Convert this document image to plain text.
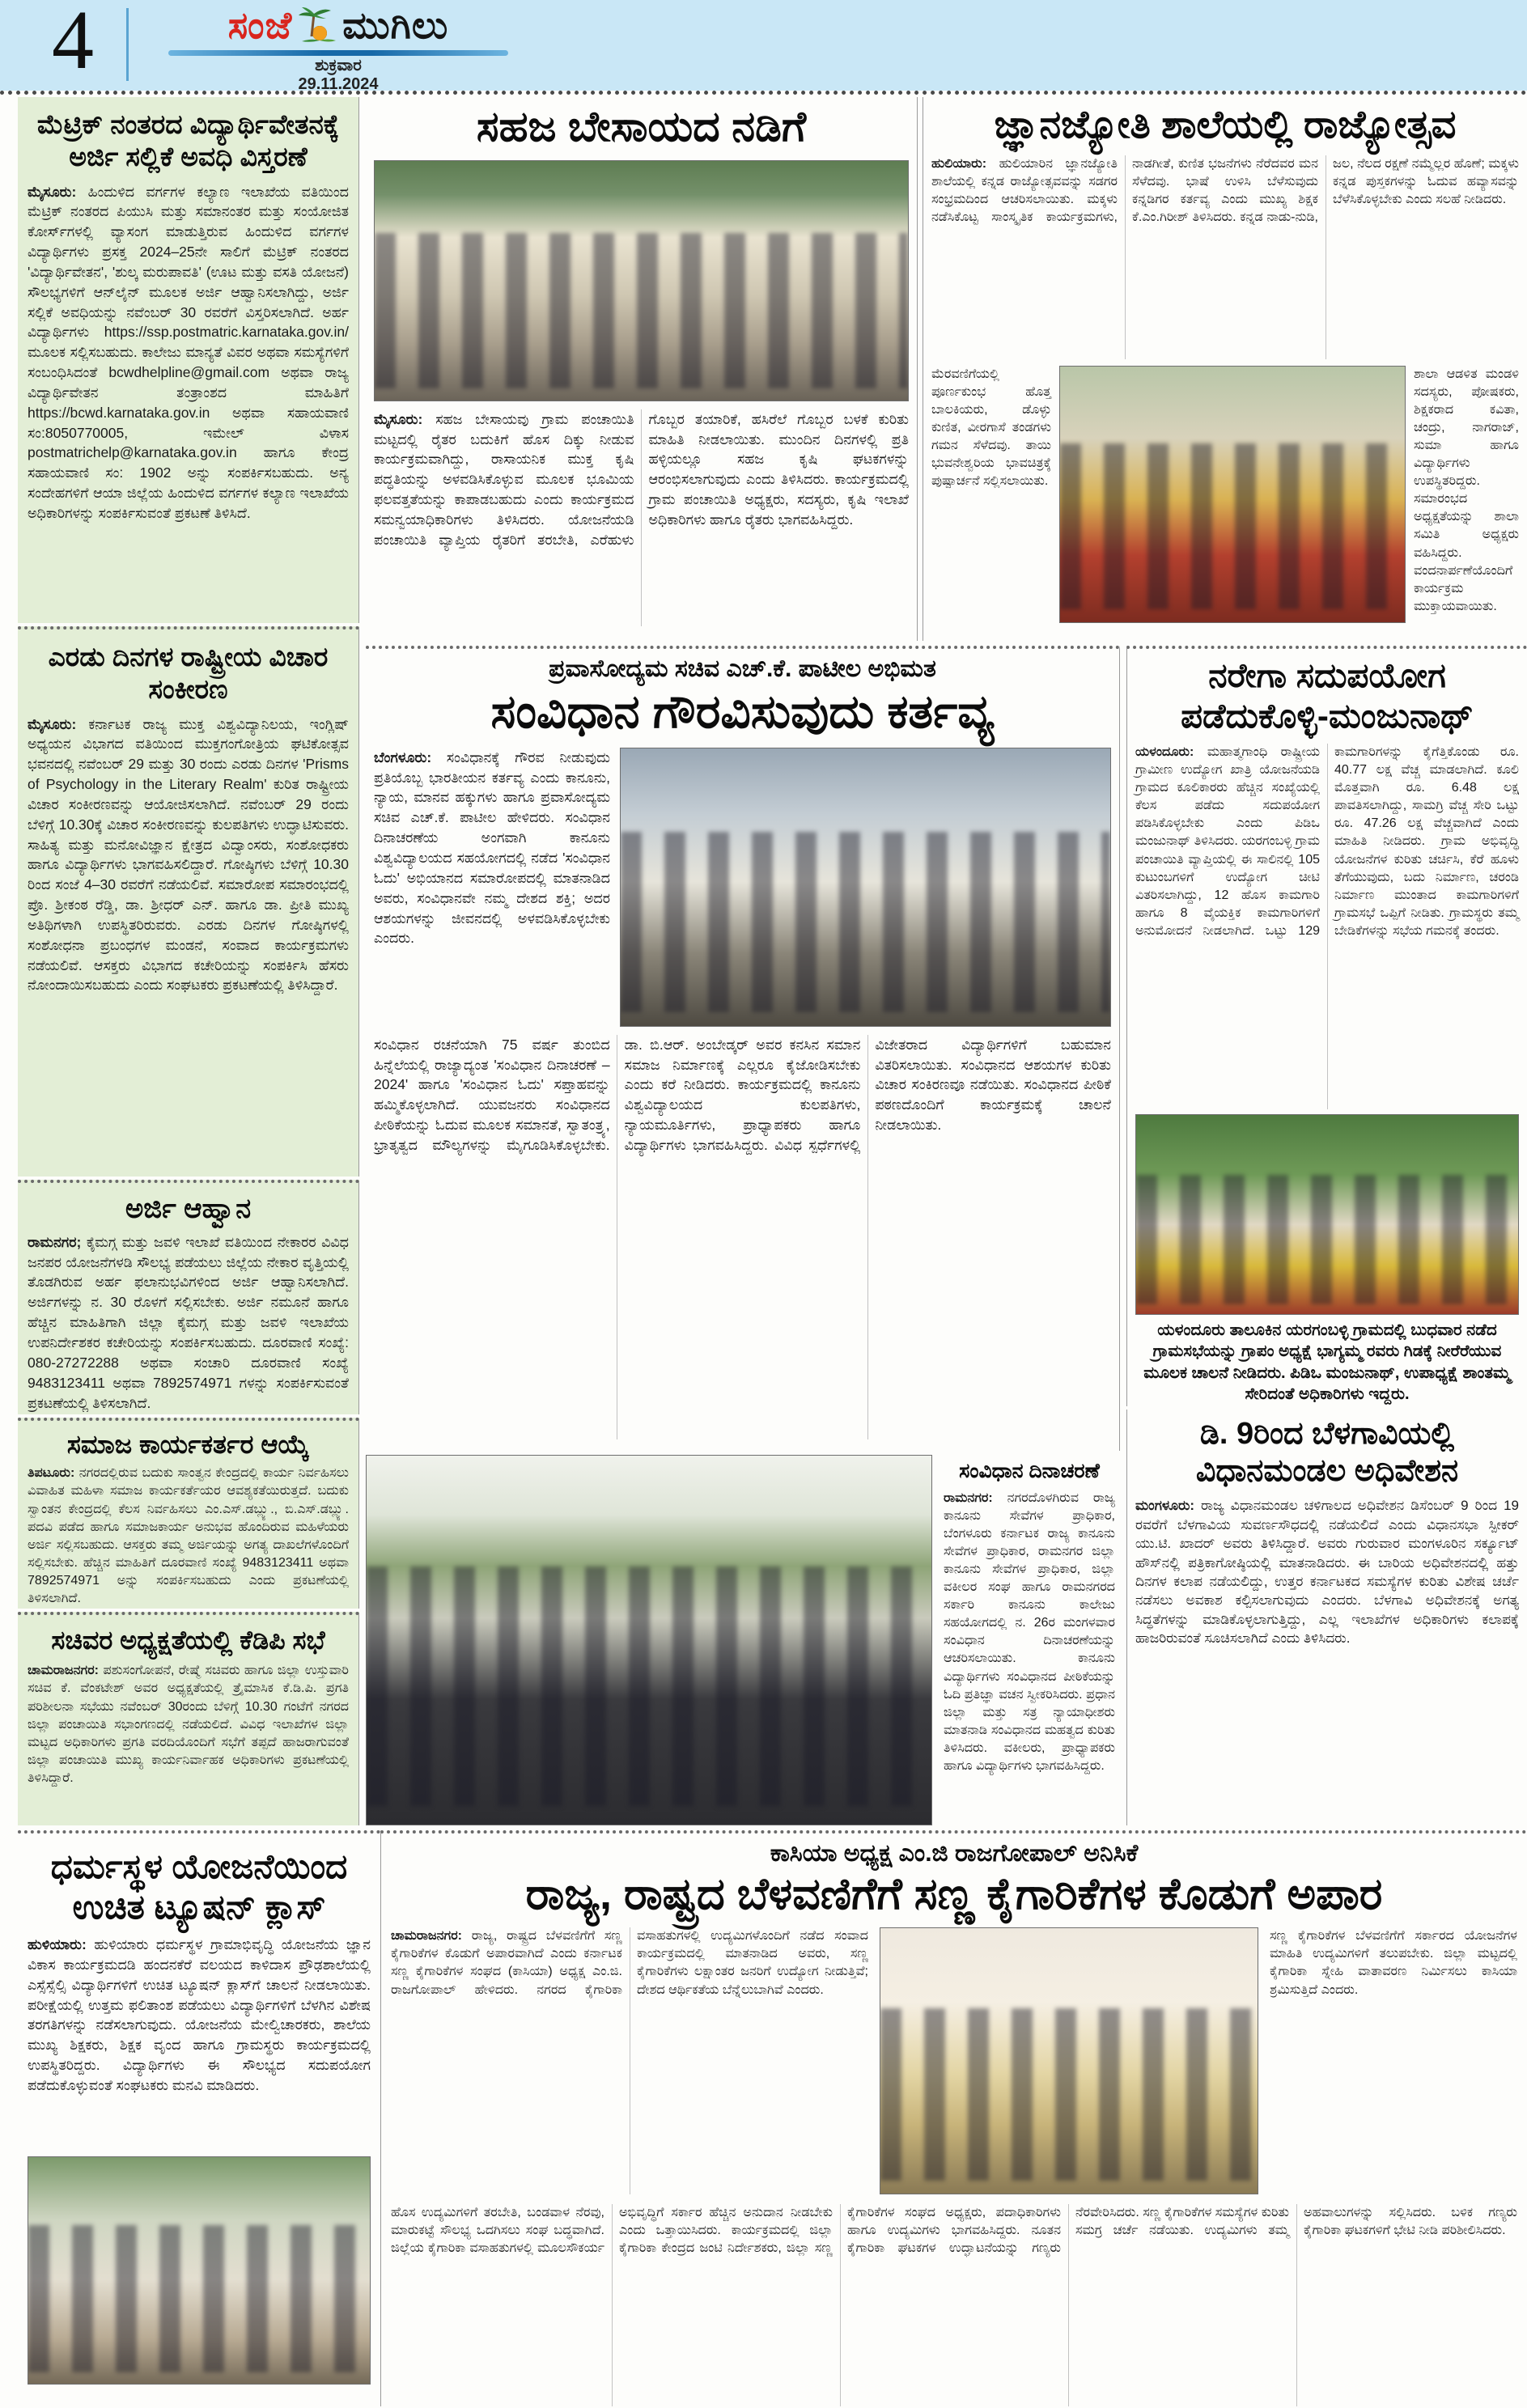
4	ಸಂಜೆ ಮುಗಿಲು
ಶುಕ್ರವಾರ
29.11.2024
ಮೆಟ್ರಿಕ್ ನಂತರದ ವಿದ್ಯಾರ್ಥಿವೇತನಕ್ಕೆ ಅರ್ಜಿ ಸಲ್ಲಿಕೆ ಅವಧಿ ವಿಸ್ತರಣೆ

ಮೈಸೂರು: ಹಿಂದುಳಿದ ವರ್ಗಗಳ ಕಲ್ಯಾಣ ಇಲಾಖೆಯ ವತಿಯಿಂದ ಮೆಟ್ರಿಕ್ ನಂತರದ ಪಿಯುಸಿ ಮತ್ತು ಸಮಾನಂತರ ಮತ್ತು ಸಂಯೋಜಿತ ಕೋರ್ಸ್‌ಗಳಲ್ಲಿ ವ್ಯಾಸಂಗ ಮಾಡುತ್ತಿರುವ ಹಿಂದುಳಿದ ವರ್ಗಗಳ ವಿದ್ಯಾರ್ಥಿಗಳು ಪ್ರಸಕ್ತ 2024–25ನೇ ಸಾಲಿಗೆ ಮೆಟ್ರಿಕ್ ನಂತರದ 'ವಿದ್ಯಾರ್ಥಿವೇತನ', 'ಶುಲ್ಕ ಮರುಪಾವತಿ' (ಊಟ ಮತ್ತು ವಸತಿ ಯೋಜನೆ) ಸೌಲಭ್ಯಗಳಿಗೆ ಆನ್‌ಲೈನ್ ಮೂಲಕ ಅರ್ಜಿ ಆಹ್ವಾನಿಸಲಾಗಿದ್ದು, ಅರ್ಜಿ ಸಲ್ಲಿಕೆ ಅವಧಿಯನ್ನು ನವೆಂಬರ್ 30 ರವರೆಗೆ ವಿಸ್ತರಿಸಲಾಗಿದೆ. ಅರ್ಹ ವಿದ್ಯಾರ್ಥಿಗಳು https://ssp.postmatric.karnataka.gov.in/ ಮೂಲಕ ಸಲ್ಲಿಸಬಹುದು. ಕಾಲೇಜು ಮಾನ್ಯತೆ ವಿವರ ಅಥವಾ ಸಮಸ್ಯೆಗಳಿಗೆ ಸಂಬಂಧಿಸಿದಂತೆ bcwdhelpline@gmail.com ಅಥವಾ ರಾಜ್ಯ ವಿದ್ಯಾರ್ಥಿವೇತನ ತಂತ್ರಾಂಶದ ಮಾಹಿತಿಗೆ https://bcwd.karnataka.gov.in ಅಥವಾ ಸಹಾಯವಾಣಿ ಸಂ:8050770005, ಇಮೇಲ್ ವಿಳಾಸ postmatrichelp@karnataka.gov.in ಹಾಗೂ ಕೇಂದ್ರ ಸಹಾಯವಾಣಿ ಸಂ: 1902 ಅನ್ನು ಸಂಪರ್ಕಿಸಬಹುದು. ಅನ್ಯ ಸಂದೇಹಗಳಿಗೆ ಆಯಾ ಜಿಲ್ಲೆಯ ಹಿಂದುಳಿದ ವರ್ಗಗಳ ಕಲ್ಯಾಣ ಇಲಾಖೆಯ ಅಧಿಕಾರಿಗಳನ್ನು ಸಂಪರ್ಕಿಸುವಂತೆ ಪ್ರಕಟಣೆ ತಿಳಿಸಿದೆ.

ಎರಡು ದಿನಗಳ ರಾಷ್ಟ್ರೀಯ ವಿಚಾರ ಸಂಕೀರಣ

ಮೈಸೂರು: ಕರ್ನಾಟಕ ರಾಜ್ಯ ಮುಕ್ತ ವಿಶ್ವವಿದ್ಯಾನಿಲಯ, ಇಂಗ್ಲಿಷ್ ಅಧ್ಯಯನ ವಿಭಾಗದ ವತಿಯಿಂದ ಮುಕ್ತಗಂಗೋತ್ರಿಯ ಘಟಿಕೋತ್ಸವ ಭವನದಲ್ಲಿ ನವೆಂಬರ್ 29 ಮತ್ತು 30 ರಂದು ಎರಡು ದಿನಗಳ 'Prisms of Psychology in the Literary Realm' ಕುರಿತ ರಾಷ್ಟ್ರೀಯ ವಿಚಾರ ಸಂಕೀರಣವನ್ನು ಆಯೋಜಿಸಲಾಗಿದೆ. ನವೆಂಬರ್ 29 ರಂದು ಬೆಳಿಗ್ಗೆ 10.30ಕ್ಕೆ ವಿಚಾರ ಸಂಕೀರಣವನ್ನು ಕುಲಪತಿಗಳು ಉದ್ಘಾಟಿಸುವರು. ಸಾಹಿತ್ಯ ಮತ್ತು ಮನೋವಿಜ್ಞಾನ ಕ್ಷೇತ್ರದ ವಿದ್ವಾಂಸರು, ಸಂಶೋಧಕರು ಹಾಗೂ ವಿದ್ಯಾರ್ಥಿಗಳು ಭಾಗವಹಿಸಲಿದ್ದಾರೆ. ಗೋಷ್ಠಿಗಳು ಬೆಳಿಗ್ಗೆ 10.30 ರಿಂದ ಸಂಜೆ 4–30 ರವರೆಗೆ ನಡೆಯಲಿವೆ. ಸಮಾರೋಪ ಸಮಾರಂಭದಲ್ಲಿ ಪ್ರೊ. ಶ್ರೀಕಂಠ ರೆಡ್ಡಿ, ಡಾ. ಶ್ರೀಧರ್ ಎನ್. ಹಾಗೂ ಡಾ. ಪ್ರೀತಿ ಮುಖ್ಯ ಅತಿಥಿಗಳಾಗಿ ಉಪಸ್ಥಿತರಿರುವರು. ಎರಡು ದಿನಗಳ ಗೋಷ್ಠಿಗಳಲ್ಲಿ ಸಂಶೋಧನಾ ಪ್ರಬಂಧಗಳ ಮಂಡನೆ, ಸಂವಾದ ಕಾರ್ಯಕ್ರಮಗಳು ನಡೆಯಲಿವೆ. ಆಸಕ್ತರು ವಿಭಾಗದ ಕಚೇರಿಯನ್ನು ಸಂಪರ್ಕಿಸಿ ಹೆಸರು ನೋಂದಾಯಿಸಬಹುದು ಎಂದು ಸಂಘಟಕರು ಪ್ರಕಟಣೆಯಲ್ಲಿ ತಿಳಿಸಿದ್ದಾರೆ.

ಅರ್ಜಿ ಆಹ್ವಾನ

ರಾಮನಗರ; ಕೈಮಗ್ಗ ಮತ್ತು ಜವಳಿ ಇಲಾಖೆ ವತಿಯಿಂದ ನೇಕಾರರ ವಿವಿಧ ಜನಪರ ಯೋಜನೆಗಳಡಿ ಸೌಲಭ್ಯ ಪಡೆಯಲು ಜಿಲ್ಲೆಯ ನೇಕಾರ ವೃತ್ತಿಯಲ್ಲಿ ತೊಡಗಿರುವ ಅರ್ಹ ಫಲಾನುಭವಿಗಳಿಂದ ಅರ್ಜಿ ಆಹ್ವಾನಿಸಲಾಗಿದೆ. ಅರ್ಜಿಗಳನ್ನು ನ. 30 ರೊಳಗೆ ಸಲ್ಲಿಸಬೇಕು. ಅರ್ಜಿ ನಮೂನೆ ಹಾಗೂ ಹೆಚ್ಚಿನ ಮಾಹಿತಿಗಾಗಿ ಜಿಲ್ಲಾ ಕೈಮಗ್ಗ ಮತ್ತು ಜವಳಿ ಇಲಾಖೆಯ ಉಪನಿರ್ದೇಶಕರ ಕಚೇರಿಯನ್ನು ಸಂಪರ್ಕಿಸಬಹುದು. ದೂರವಾಣಿ ಸಂಖ್ಯೆ: 080-27272288 ಅಥವಾ ಸಂಚಾರಿ ದೂರವಾಣಿ ಸಂಖ್ಯೆ 9483123411 ಅಥವಾ 7892574971 ಗಳನ್ನು ಸಂಪರ್ಕಿಸುವಂತೆ ಪ್ರಕಟಣೆಯಲ್ಲಿ ತಿಳಿಸಲಾಗಿದೆ.

ಸಮಾಜ ಕಾರ್ಯಕರ್ತರ ಆಯ್ಕೆ

ತಿಪಟೂರು: ನಗರದಲ್ಲಿರುವ ಬದುಕು ಸಾಂತ್ವನ ಕೇಂದ್ರದಲ್ಲಿ ಕಾರ್ಯ ನಿರ್ವಹಿಸಲು ವಿವಾಹಿತ ಮಹಿಳಾ ಸಮಾಜ ಕಾರ್ಯಕರ್ತೆಯರ ಆವಶ್ಯಕತೆಯಿರುತ್ತದೆ. ಬದುಕು ಸ್ವಾಂತನ ಕೇಂದ್ರದಲ್ಲಿ ಕೆಲಸ ನಿರ್ವಹಿಸಲು ಎಂ.ಎಸ್.ಡಬ್ಲ್ಯು., ಬಿ.ಎಸ್.ಡಬ್ಲ್ಯು. ಪದವಿ ಪಡೆದ ಹಾಗೂ ಸಮಾಜಕಾರ್ಯ ಅನುಭವ ಹೊಂದಿರುವ ಮಹಿಳೆಯರು ಅರ್ಜಿ ಸಲ್ಲಿಸಬಹುದು. ಆಸಕ್ತರು ತಮ್ಮ ಅರ್ಜಿಯನ್ನು ಅಗತ್ಯ ದಾಖಲೆಗಳೊಂದಿಗೆ ಸಲ್ಲಿಸಬೇಕು. ಹೆಚ್ಚಿನ ಮಾಹಿತಿಗೆ ದೂರವಾಣಿ ಸಂಖ್ಯೆ 9483123411 ಅಥವಾ 7892574971 ಅನ್ನು ಸಂಪರ್ಕಿಸಬಹುದು ಎಂದು ಪ್ರಕಟಣೆಯಲ್ಲಿ ತಿಳಿಸಲಾಗಿದೆ.

ಸಚಿವರ ಅಧ್ಯಕ್ಷತೆಯಲ್ಲಿ ಕೆಡಿಪಿ ಸಭೆ

ಚಾಮರಾಜನಗರ: ಪಶುಸಂಗೋಪನೆ, ರೇಷ್ಮೆ ಸಚಿವರು ಹಾಗೂ ಜಿಲ್ಲಾ ಉಸ್ತುವಾರಿ ಸಚಿವ ಕೆ. ವೆಂಕಟೇಶ್ ಅವರ ಅಧ್ಯಕ್ಷತೆಯಲ್ಲಿ ತ್ರೈಮಾಸಿಕ ಕೆ.ಡಿ.ಪಿ. ಪ್ರಗತಿ ಪರಿಶೀಲನಾ ಸಭೆಯು ನವೆಂಬರ್ 30ರಂದು ಬೆಳಿಗ್ಗೆ 10.30 ಗಂಟೆಗೆ ನಗರದ ಜಿಲ್ಲಾ ಪಂಚಾಯಿತಿ ಸಭಾಂಗಣದಲ್ಲಿ ನಡೆಯಲಿದೆ. ವಿವಿಧ ಇಲಾಖೆಗಳ ಜಿಲ್ಲಾ ಮಟ್ಟದ ಅಧಿಕಾರಿಗಳು ಪ್ರಗತಿ ವರದಿಯೊಂದಿಗೆ ಸಭೆಗೆ ತಪ್ಪದೆ ಹಾಜರಾಗುವಂತೆ ಜಿಲ್ಲಾ ಪಂಚಾಯಿತಿ ಮುಖ್ಯ ಕಾರ್ಯನಿರ್ವಾಹಕ ಅಧಿಕಾರಿಗಳು ಪ್ರಕಟಣೆಯಲ್ಲಿ ತಿಳಿಸಿದ್ದಾರೆ.

ಧರ್ಮಸ್ಥಳ ಯೋಜನೆಯಿಂದ ಉಚಿತ ಟ್ಯೂಷನ್ ಕ್ಲಾಸ್

ಹುಳಿಯಾರು: ಹುಳಿಯಾರು ಧರ್ಮಸ್ಥಳ ಗ್ರಾಮಾಭಿವೃದ್ಧಿ ಯೋಜನೆಯ ಜ್ಞಾನ ವಿಕಾಸ ಕಾರ್ಯಕ್ರಮದಡಿ ಹಂದನಕೆರೆ ವಲಯದ ಕಾಳಿದಾಸ ಪ್ರೌಢಶಾಲೆಯಲ್ಲಿ ಎಸ್ಸೆಸ್ಸೆಲ್ಸಿ ವಿದ್ಯಾರ್ಥಿಗಳಿಗೆ ಉಚಿತ ಟ್ಯೂಷನ್ ಕ್ಲಾಸ್‌ಗೆ ಚಾಲನೆ ನೀಡಲಾಯಿತು. ಪರೀಕ್ಷೆಯಲ್ಲಿ ಉತ್ತಮ ಫಲಿತಾಂಶ ಪಡೆಯಲು ವಿದ್ಯಾರ್ಥಿಗಳಿಗೆ ಬೆಳಗಿನ ವಿಶೇಷ ತರಗತಿಗಳನ್ನು ನಡೆಸಲಾಗುವುದು. ಯೋಜನೆಯ ಮೇಲ್ವಿಚಾರಕರು, ಶಾಲೆಯ ಮುಖ್ಯ ಶಿಕ್ಷಕರು, ಶಿಕ್ಷಕ ವೃಂದ ಹಾಗೂ ಗ್ರಾಮಸ್ಥರು ಕಾರ್ಯಕ್ರಮದಲ್ಲಿ ಉಪಸ್ಥಿತರಿದ್ದರು. ವಿದ್ಯಾರ್ಥಿಗಳು ಈ ಸೌಲಭ್ಯದ ಸದುಪಯೋಗ ಪಡೆದುಕೊಳ್ಳುವಂತೆ ಸಂಘಟಕರು ಮನವಿ ಮಾಡಿದರು.

ಸಹಜ ಬೇಸಾಯದ ನಡಿಗೆ

ಮೈಸೂರು: ಸಹಜ ಬೇಸಾಯವು ಗ್ರಾಮ ಪಂಚಾಯಿತಿ ಮಟ್ಟದಲ್ಲಿ ರೈತರ ಬದುಕಿಗೆ ಹೊಸ ದಿಕ್ಕು ನೀಡುವ ಕಾರ್ಯಕ್ರಮವಾಗಿದ್ದು, ರಾಸಾಯನಿಕ ಮುಕ್ತ ಕೃಷಿ ಪದ್ಧತಿಯನ್ನು ಅಳವಡಿಸಿಕೊಳ್ಳುವ ಮೂಲಕ ಭೂಮಿಯ ಫಲವತ್ತತೆಯನ್ನು ಕಾಪಾಡಬಹುದು ಎಂದು ಕಾರ್ಯಕ್ರಮದ ಸಮನ್ವಯಾಧಿಕಾರಿಗಳು ತಿಳಿಸಿದರು. ಯೋಜನೆಯಡಿ ಪಂಚಾಯಿತಿ ವ್ಯಾಪ್ತಿಯ ರೈತರಿಗೆ ತರಬೇತಿ, ಎರೆಹುಳು ಗೊಬ್ಬರ ತಯಾರಿಕೆ, ಹಸಿರೆಲೆ ಗೊಬ್ಬರ ಬಳಕೆ ಕುರಿತು ಮಾಹಿತಿ ನೀಡಲಾಯಿತು. ಮುಂದಿನ ದಿನಗಳಲ್ಲಿ ಪ್ರತಿ ಹಳ್ಳಿಯಲ್ಲೂ ಸಹಜ ಕೃಷಿ ಘಟಕಗಳನ್ನು ಆರಂಭಿಸಲಾಗುವುದು ಎಂದು ತಿಳಿಸಿದರು. ಕಾರ್ಯಕ್ರಮದಲ್ಲಿ ಗ್ರಾಮ ಪಂಚಾಯಿತಿ ಅಧ್ಯಕ್ಷರು, ಸದಸ್ಯರು, ಕೃಷಿ ಇಲಾಖೆ ಅಧಿಕಾರಿಗಳು ಹಾಗೂ ರೈತರು ಭಾಗವಹಿಸಿದ್ದರು.

ಜ್ಞಾನಜ್ಯೋತಿ ಶಾಲೆಯಲ್ಲಿ ರಾಜ್ಯೋತ್ಸವ

ಹುಲಿಯಾರು: ಹುಲಿಯಾರಿನ ಜ್ಞಾನಜ್ಯೋತಿ ಶಾಲೆಯಲ್ಲಿ ಕನ್ನಡ ರಾಜ್ಯೋತ್ಸವವನ್ನು ಸಡಗರ ಸಂಭ್ರಮದಿಂದ ಆಚರಿಸಲಾಯಿತು. ಮಕ್ಕಳು ನಡೆಸಿಕೊಟ್ಟ ಸಾಂಸ್ಕೃತಿಕ ಕಾರ್ಯಕ್ರಮಗಳು, ನಾಡಗೀತೆ, ಕುಣಿತ ಭಜನೆಗಳು ನೆರೆದವರ ಮನ ಸೆಳೆದವು. ಭಾಷೆ ಉಳಿಸಿ ಬೆಳೆಸುವುದು ಕನ್ನಡಿಗರ ಕರ್ತವ್ಯ ಎಂದು ಮುಖ್ಯ ಶಿಕ್ಷಕ ಕೆ.ಎಂ.ಗಿರೀಶ್ ತಿಳಿಸಿದರು. ಕನ್ನಡ ನಾಡು-ನುಡಿ, ಜಲ, ನೆಲದ ರಕ್ಷಣೆ ನಮ್ಮೆಲ್ಲರ ಹೊಣೆ; ಮಕ್ಕಳು ಕನ್ನಡ ಪುಸ್ತಕಗಳನ್ನು ಓದುವ ಹವ್ಯಾಸವನ್ನು ಬೆಳೆಸಿಕೊಳ್ಳಬೇಕು ಎಂದು ಸಲಹೆ ನೀಡಿದರು.

ಮೆರವಣಿಗೆಯಲ್ಲಿ ಪೂರ್ಣಕುಂಭ ಹೊತ್ತ ಬಾಲಕಿಯರು, ಡೊಳ್ಳು ಕುಣಿತ, ವೀರಗಾಸೆ ತಂಡಗಳು ಗಮನ ಸೆಳೆದವು. ತಾಯಿ ಭುವನೇಶ್ವರಿಯ ಭಾವಚಿತ್ರಕ್ಕೆ ಪುಷ್ಪಾರ್ಚನೆ ಸಲ್ಲಿಸಲಾಯಿತು.
ಶಾಲಾ ಆಡಳಿತ ಮಂಡಳಿ ಸದಸ್ಯರು, ಪೋಷಕರು, ಶಿಕ್ಷಕರಾದ ಕವಿತಾ, ಚಂದ್ರು, ನಾಗರಾಜ್, ಸುಮಾ ಹಾಗೂ ವಿದ್ಯಾರ್ಥಿಗಳು ಉಪಸ್ಥಿತರಿದ್ದರು. ಸಮಾರಂಭದ ಅಧ್ಯಕ್ಷತೆಯನ್ನು ಶಾಲಾ ಸಮಿತಿ ಅಧ್ಯಕ್ಷರು ವಹಿಸಿದ್ದರು. ವಂದನಾರ್ಪಣೆಯೊಂದಿಗೆ ಕಾರ್ಯಕ್ರಮ ಮುಕ್ತಾಯವಾಯಿತು.
ಪ್ರವಾಸೋದ್ಯಮ ಸಚಿವ ಎಚ್.ಕೆ. ಪಾಟೀಲ ಅಭಿಮತ
ಸಂವಿಧಾನ ಗೌರವಿಸುವುದು ಕರ್ತವ್ಯ

ಬೆಂಗಳೂರು: ಸಂವಿಧಾನಕ್ಕೆ ಗೌರವ ನೀಡುವುದು ಪ್ರತಿಯೊಬ್ಬ ಭಾರತೀಯನ ಕರ್ತವ್ಯ ಎಂದು ಕಾನೂನು, ನ್ಯಾಯ, ಮಾನವ ಹಕ್ಕುಗಳು ಹಾಗೂ ಪ್ರವಾಸೋದ್ಯಮ ಸಚಿವ ಎಚ್.ಕೆ. ಪಾಟೀಲ ಹೇಳಿದರು. ಸಂವಿಧಾನ ದಿನಾಚರಣೆಯ ಅಂಗವಾಗಿ ಕಾನೂನು ವಿಶ್ವವಿದ್ಯಾಲಯದ ಸಹಯೋಗದಲ್ಲಿ ನಡೆದ 'ಸಂವಿಧಾನ ಓದು' ಅಭಿಯಾನದ ಸಮಾರೋಪದಲ್ಲಿ ಮಾತನಾಡಿದ ಅವರು, ಸಂವಿಧಾನವೇ ನಮ್ಮ ದೇಶದ ಶಕ್ತಿ; ಅದರ ಆಶಯಗಳನ್ನು ಜೀವನದಲ್ಲಿ ಅಳವಡಿಸಿಕೊಳ್ಳಬೇಕು ಎಂದರು.

ಸಂವಿಧಾನ ರಚನೆಯಾಗಿ 75 ವರ್ಷ ತುಂಬಿದ ಹಿನ್ನೆಲೆಯಲ್ಲಿ ರಾಜ್ಯಾದ್ಯಂತ 'ಸಂವಿಧಾನ ದಿನಾಚರಣೆ – 2024' ಹಾಗೂ 'ಸಂವಿಧಾನ ಓದು' ಸಪ್ತಾಹವನ್ನು ಹಮ್ಮಿಕೊಳ್ಳಲಾಗಿದೆ. ಯುವಜನರು ಸಂವಿಧಾನದ ಪೀಠಿಕೆಯನ್ನು ಓದುವ ಮೂಲಕ ಸಮಾನತೆ, ಸ್ವಾತಂತ್ರ್ಯ, ಭ್ರಾತೃತ್ವದ ಮೌಲ್ಯಗಳನ್ನು ಮೈಗೂಡಿಸಿಕೊಳ್ಳಬೇಕು. ಡಾ. ಬಿ.ಆರ್. ಅಂಬೇಡ್ಕರ್ ಅವರ ಕನಸಿನ ಸಮಾನ ಸಮಾಜ ನಿರ್ಮಾಣಕ್ಕೆ ಎಲ್ಲರೂ ಕೈಜೋಡಿಸಬೇಕು ಎಂದು ಕರೆ ನೀಡಿದರು. ಕಾರ್ಯಕ್ರಮದಲ್ಲಿ ಕಾನೂನು ವಿಶ್ವವಿದ್ಯಾಲಯದ ಕುಲಪತಿಗಳು, ನ್ಯಾಯಮೂರ್ತಿಗಳು, ಪ್ರಾಧ್ಯಾಪಕರು ಹಾಗೂ ವಿದ್ಯಾರ್ಥಿಗಳು ಭಾಗವಹಿಸಿದ್ದರು. ವಿವಿಧ ಸ್ಪರ್ಧೆಗಳಲ್ಲಿ ವಿಜೇತರಾದ ವಿದ್ಯಾರ್ಥಿಗಳಿಗೆ ಬಹುಮಾನ ವಿತರಿಸಲಾಯಿತು. ಸಂವಿಧಾನದ ಆಶಯಗಳ ಕುರಿತು ವಿಚಾರ ಸಂಕಿರಣವೂ ನಡೆಯಿತು. ಸಂವಿಧಾನದ ಪೀಠಿಕೆ ಪಠಣದೊಂದಿಗೆ ಕಾರ್ಯಕ್ರಮಕ್ಕೆ ಚಾಲನೆ ನೀಡಲಾಯಿತು.
ನರೇಗಾ ಸದುಪಯೋಗ ಪಡೆದುಕೊಳ್ಳಿ-ಮಂಜುನಾಥ್

ಯಳಂದೂರು: ಮಹಾತ್ಮಗಾಂಧಿ ರಾಷ್ಟ್ರೀಯ ಗ್ರಾಮೀಣ ಉದ್ಯೋಗ ಖಾತ್ರಿ ಯೋಜನೆಯಡಿ ಗ್ರಾಮದ ಕೂಲಿಕಾರರು ಹೆಚ್ಚಿನ ಸಂಖ್ಯೆಯಲ್ಲಿ ಕೆಲಸ ಪಡೆದು ಸದುಪಯೋಗ ಪಡಿಸಿಕೊಳ್ಳಬೇಕು ಎಂದು ಪಿಡಿಒ ಮಂಜುನಾಥ್ ತಿಳಿಸಿದರು. ಯರಗಂಬಳ್ಳಿ ಗ್ರಾಮ ಪಂಚಾಯಿತಿ ವ್ಯಾಪ್ತಿಯಲ್ಲಿ ಈ ಸಾಲಿನಲ್ಲಿ 105 ಕುಟುಂಬಗಳಿಗೆ ಉದ್ಯೋಗ ಚೀಟಿ ವಿತರಿಸಲಾಗಿದ್ದು, 12 ಹೊಸ ಕಾಮಗಾರಿ ಹಾಗೂ 8 ವೈಯಕ್ತಿಕ ಕಾಮಗಾರಿಗಳಿಗೆ ಅನುಮೋದನೆ ನೀಡಲಾಗಿದೆ. ಒಟ್ಟು 129 ಕಾಮಗಾರಿಗಳನ್ನು ಕೈಗೆತ್ತಿಕೊಂಡು ರೂ. 40.77 ಲಕ್ಷ ವೆಚ್ಚ ಮಾಡಲಾಗಿದೆ. ಕೂಲಿ ಮೊತ್ತವಾಗಿ ರೂ. 6.48 ಲಕ್ಷ ಪಾವತಿಸಲಾಗಿದ್ದು, ಸಾಮಗ್ರಿ ವೆಚ್ಚ ಸೇರಿ ಒಟ್ಟು ರೂ. 47.26 ಲಕ್ಷ ವೆಚ್ಚವಾಗಿದೆ ಎಂದು ಮಾಹಿತಿ ನೀಡಿದರು. ಗ್ರಾಮ ಅಭಿವೃದ್ಧಿ ಯೋಜನೆಗಳ ಕುರಿತು ಚರ್ಚಿಸಿ, ಕೆರೆ ಹೂಳು ತೆಗೆಯುವುದು, ಬದು ನಿರ್ಮಾಣ, ಚರಂಡಿ ನಿರ್ಮಾಣ ಮುಂತಾದ ಕಾಮಗಾರಿಗಳಿಗೆ ಗ್ರಾಮಸಭೆ ಒಪ್ಪಿಗೆ ನೀಡಿತು. ಗ್ರಾಮಸ್ಥರು ತಮ್ಮ ಬೇಡಿಕೆಗಳನ್ನು ಸಭೆಯ ಗಮನಕ್ಕೆ ತಂದರು.

ಯಳಂದೂರು ತಾಲೂಕಿನ ಯರಗಂಬಳ್ಳಿ ಗ್ರಾಮದಲ್ಲಿ ಬುಧವಾರ ನಡೆದ ಗ್ರಾಮಸಭೆಯನ್ನು ಗ್ರಾಪಂ ಅಧ್ಯಕ್ಷೆ ಭಾಗ್ಯಮ್ಮ ರವರು ಗಿಡಕ್ಕೆ ನೀರೆರೆಯುವ ಮೂಲಕ ಚಾಲನೆ ನೀಡಿದರು. ಪಿಡಿಒ ಮಂಜುನಾಥ್, ಉಪಾಧ್ಯಕ್ಷೆ ಶಾಂತಮ್ಮ ಸೇರಿದಂತೆ ಅಧಿಕಾರಿಗಳು ಇದ್ದರು.
ಸಂವಿಧಾನ ದಿನಾಚರಣೆ

ರಾಮನಗರ: ನಗರದೊಳಗಿರುವ ರಾಜ್ಯ ಕಾನೂನು ಸೇವೆಗಳ ಪ್ರಾಧಿಕಾರ, ಬೆಂಗಳೂರು ಕರ್ನಾಟಕ ರಾಜ್ಯ ಕಾನೂನು ಸೇವೆಗಳ ಪ್ರಾಧಿಕಾರ, ರಾಮನಗರ ಜಿಲ್ಲಾ ಕಾನೂನು ಸೇವೆಗಳ ಪ್ರಾಧಿಕಾರ, ಜಿಲ್ಲಾ ವಕೀಲರ ಸಂಘ ಹಾಗೂ ರಾಮನಗರದ ಸರ್ಕಾರಿ ಕಾನೂನು ಕಾಲೇಜು ಸಹಯೋಗದಲ್ಲಿ ನ. 26ರ ಮಂಗಳವಾರ ಸಂವಿಧಾನ ದಿನಾಚರಣೆಯನ್ನು ಆಚರಿಸಲಾಯಿತು. ಕಾನೂನು ವಿದ್ಯಾರ್ಥಿಗಳು ಸಂವಿಧಾನದ ಪೀಠಿಕೆಯನ್ನು ಓದಿ ಪ್ರತಿಜ್ಞಾ ವಚನ ಸ್ವೀಕರಿಸಿದರು. ಪ್ರಧಾನ ಜಿಲ್ಲಾ ಮತ್ತು ಸತ್ರ ನ್ಯಾಯಾಧೀಶರು ಮಾತನಾಡಿ ಸಂವಿಧಾನದ ಮಹತ್ವದ ಕುರಿತು ತಿಳಿಸಿದರು. ವಕೀಲರು, ಪ್ರಾಧ್ಯಾಪಕರು ಹಾಗೂ ವಿದ್ಯಾರ್ಥಿಗಳು ಭಾಗವಹಿಸಿದ್ದರು.

ಡಿ. 9ರಿಂದ ಬೆಳಗಾವಿಯಲ್ಲಿ ವಿಧಾನಮಂಡಲ ಅಧಿವೇಶನ

ಮಂಗಳೂರು: ರಾಜ್ಯ ವಿಧಾನಮಂಡಲ ಚಳಿಗಾಲದ ಅಧಿವೇಶನ ಡಿಸೆಂಬರ್ 9 ರಿಂದ 19 ರವರೆಗೆ ಬೆಳಗಾವಿಯ ಸುವರ್ಣಸೌಧದಲ್ಲಿ ನಡೆಯಲಿದೆ ಎಂದು ವಿಧಾನಸಭಾ ಸ್ಪೀಕರ್ ಯು.ಟಿ. ಖಾದರ್ ಅವರು ತಿಳಿಸಿದ್ದಾರೆ. ಅವರು ಗುರುವಾರ ಮಂಗಳೂರಿನ ಸರ್ಕ್ಯೂಟ್ ಹೌಸ್‌ನಲ್ಲಿ ಪತ್ರಿಕಾಗೋಷ್ಠಿಯಲ್ಲಿ ಮಾತನಾಡಿದರು. ಈ ಬಾರಿಯ ಅಧಿವೇಶನದಲ್ಲಿ ಹತ್ತು ದಿನಗಳ ಕಲಾಪ ನಡೆಯಲಿದ್ದು, ಉತ್ತರ ಕರ್ನಾಟಕದ ಸಮಸ್ಯೆಗಳ ಕುರಿತು ವಿಶೇಷ ಚರ್ಚೆ ನಡೆಸಲು ಅವಕಾಶ ಕಲ್ಪಿಸಲಾಗುವುದು ಎಂದರು. ಬೆಳಗಾವಿ ಅಧಿವೇಶನಕ್ಕೆ ಅಗತ್ಯ ಸಿದ್ಧತೆಗಳನ್ನು ಮಾಡಿಕೊಳ್ಳಲಾಗುತ್ತಿದ್ದು, ಎಲ್ಲ ಇಲಾಖೆಗಳ ಅಧಿಕಾರಿಗಳು ಕಲಾಪಕ್ಕೆ ಹಾಜರಿರುವಂತೆ ಸೂಚಿಸಲಾಗಿದೆ ಎಂದು ತಿಳಿಸಿದರು.

ಕಾಸಿಯಾ ಅಧ್ಯಕ್ಷ ಎಂ.ಜಿ ರಾಜಗೋಪಾಲ್ ಅನಿಸಿಕೆ
ರಾಜ್ಯ, ರಾಷ್ಟ್ರದ ಬೆಳವಣಿಗೆಗೆ ಸಣ್ಣ ಕೈಗಾರಿಕೆಗಳ ಕೊಡುಗೆ ಅಪಾರ

ಚಾಮರಾಜನಗರ: ರಾಜ್ಯ, ರಾಷ್ಟ್ರದ ಬೆಳವಣಿಗೆಗೆ ಸಣ್ಣ ಕೈಗಾರಿಕೆಗಳ ಕೊಡುಗೆ ಅಪಾರವಾಗಿದೆ ಎಂದು ಕರ್ನಾಟಕ ಸಣ್ಣ ಕೈಗಾರಿಕೆಗಳ ಸಂಘದ (ಕಾಸಿಯಾ) ಅಧ್ಯಕ್ಷ ಎಂ.ಜಿ. ರಾಜಗೋಪಾಲ್ ಹೇಳಿದರು. ನಗರದ ಕೈಗಾರಿಕಾ ವಸಾಹತುಗಳಲ್ಲಿ ಉದ್ಯಮಿಗಳೊಂದಿಗೆ ನಡೆದ ಸಂವಾದ ಕಾರ್ಯಕ್ರಮದಲ್ಲಿ ಮಾತನಾಡಿದ ಅವರು, ಸಣ್ಣ ಕೈಗಾರಿಕೆಗಳು ಲಕ್ಷಾಂತರ ಜನರಿಗೆ ಉದ್ಯೋಗ ನೀಡುತ್ತಿವೆ; ದೇಶದ ಆರ್ಥಿಕತೆಯ ಬೆನ್ನೆಲುಬಾಗಿವೆ ಎಂದರು.

ಸಣ್ಣ ಕೈಗಾರಿಕೆಗಳ ಬೆಳವಣಿಗೆಗೆ ಸರ್ಕಾರದ ಯೋಜನೆಗಳ ಮಾಹಿತಿ ಉದ್ಯಮಿಗಳಿಗೆ ತಲುಪಬೇಕು. ಜಿಲ್ಲಾ ಮಟ್ಟದಲ್ಲಿ ಕೈಗಾರಿಕಾ ಸ್ನೇಹಿ ವಾತಾವರಣ ನಿರ್ಮಿಸಲು ಕಾಸಿಯಾ ಶ್ರಮಿಸುತ್ತಿದೆ ಎಂದರು.
ಹೊಸ ಉದ್ಯಮಿಗಳಿಗೆ ತರಬೇತಿ, ಬಂಡವಾಳ ನೆರವು, ಮಾರುಕಟ್ಟೆ ಸೌಲಭ್ಯ ಒದಗಿಸಲು ಸಂಘ ಬದ್ಧವಾಗಿದೆ. ಜಿಲ್ಲೆಯ ಕೈಗಾರಿಕಾ ವಸಾಹತುಗಳಲ್ಲಿ ಮೂಲಸೌಕರ್ಯ ಅಭಿವೃದ್ಧಿಗೆ ಸರ್ಕಾರ ಹೆಚ್ಚಿನ ಅನುದಾನ ನೀಡಬೇಕು ಎಂದು ಒತ್ತಾಯಿಸಿದರು. ಕಾರ್ಯಕ್ರಮದಲ್ಲಿ ಜಿಲ್ಲಾ ಕೈಗಾರಿಕಾ ಕೇಂದ್ರದ ಜಂಟಿ ನಿರ್ದೇಶಕರು, ಜಿಲ್ಲಾ ಸಣ್ಣ ಕೈಗಾರಿಕೆಗಳ ಸಂಘದ ಅಧ್ಯಕ್ಷರು, ಪದಾಧಿಕಾರಿಗಳು ಹಾಗೂ ಉದ್ಯಮಿಗಳು ಭಾಗವಹಿಸಿದ್ದರು. ನೂತನ ಕೈಗಾರಿಕಾ ಘಟಕಗಳ ಉದ್ಘಾಟನೆಯನ್ನು ಗಣ್ಯರು ನೆರವೇರಿಸಿದರು. ಸಣ್ಣ ಕೈಗಾರಿಕೆಗಳ ಸಮಸ್ಯೆಗಳ ಕುರಿತು ಸಮಗ್ರ ಚರ್ಚೆ ನಡೆಯಿತು. ಉದ್ಯಮಿಗಳು ತಮ್ಮ ಅಹವಾಲುಗಳನ್ನು ಸಲ್ಲಿಸಿದರು. ಬಳಿಕ ಗಣ್ಯರು ಕೈಗಾರಿಕಾ ಘಟಕಗಳಿಗೆ ಭೇಟಿ ನೀಡಿ ಪರಿಶೀಲಿಸಿದರು.
